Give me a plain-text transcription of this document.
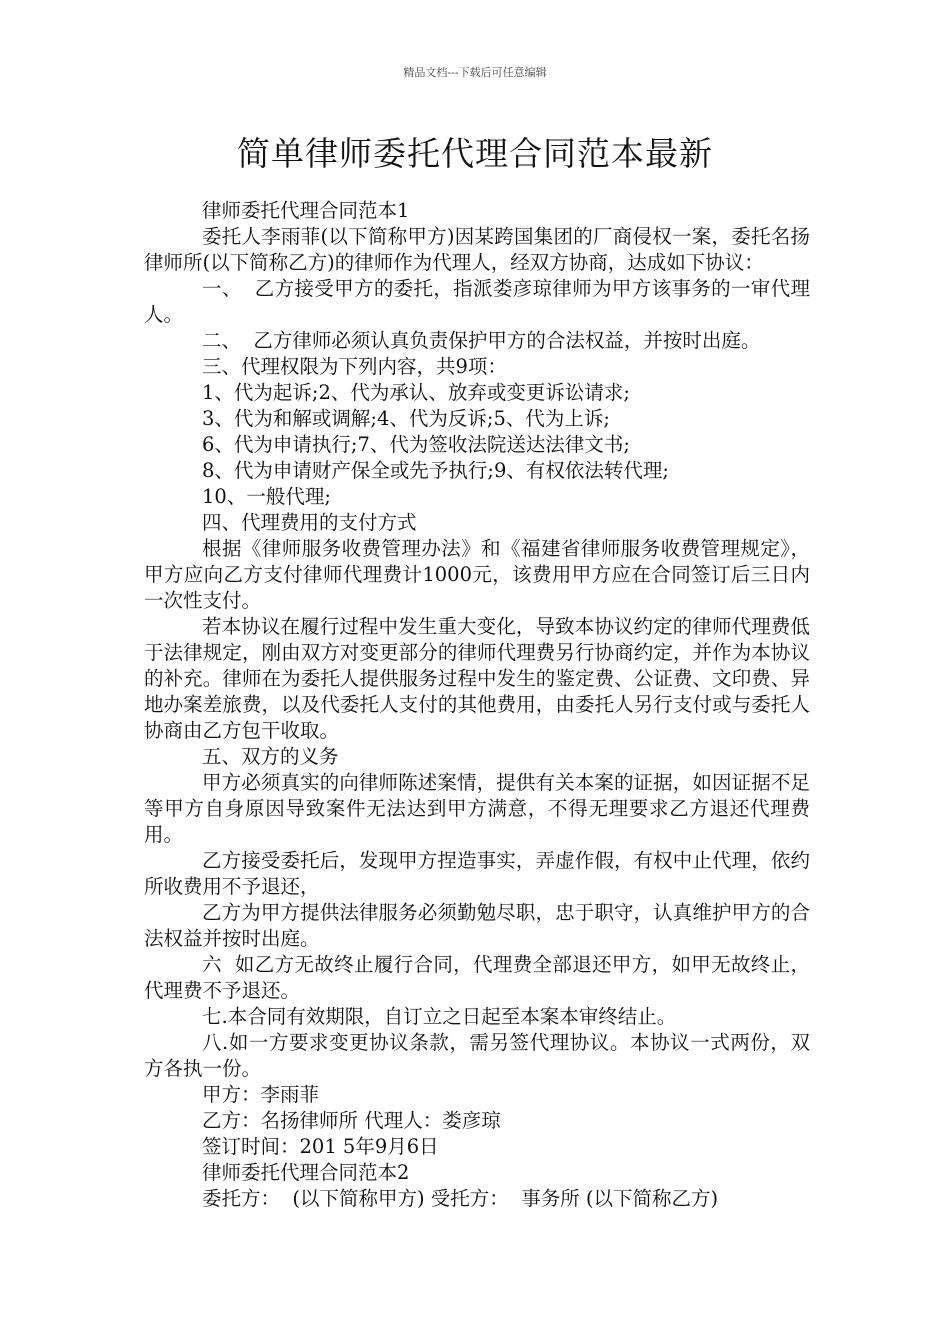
精品文档---下载后可任意编辑
简单律师委托代理合同范本最新

律师委托代理合同范本1

委托人李雨菲(以下简称甲方)因某跨国集团的厂商侵权一案，委托名扬律师所(以下简称乙方)的律师作为代理人，经双方协商，达成如下协议：

一、  乙方接受甲方的委托，指派娄彦琼律师为甲方该事务的一审代理人。

二、  乙方律师必须认真负责保护甲方的合法权益，并按时出庭。

三、代理权限为下列内容，共9项：

1、代为起诉;2、代为承认、放弃或变更诉讼请求;

3、代为和解或调解;4、代为反诉;5、代为上诉;

6、代为申请执行;7、代为签收法院送达法律文书;

8、代为申请财产保全或先予执行;9、有权依法转代理;

10、一般代理;

四、代理费用的支付方式

根据《律师服务收费管理办法》和《福建省律师服务收费管理规定》，甲方应向乙方支付律师代理费计1000元，该费用甲方应在合同签订后三日内一次性支付。

若本协议在履行过程中发生重大变化，导致本协议约定的律师代理费低于法律规定，刚由双方对变更部分的律师代理费另行协商约定，并作为本协议的补充。律师在为委托人提供服务过程中发生的鉴定费、公证费、文印费、异地办案差旅费，以及代委托人支付的其他费用，由委托人另行支付或与委托人协商由乙方包干收取。

五、双方的义务

甲方必须真实的向律师陈述案情，提供有关本案的证据，如因证据不足等甲方自身原因导致案件无法达到甲方满意，不得无理要求乙方退还代理费用。

乙方接受委托后，发现甲方捏造事实，弄虚作假，有权中止代理，依约所收费用不予退还，

乙方为甲方提供法律服务必须勤勉尽职，忠于职守，认真维护甲方的合法权益并按时出庭。

六  如乙方无故终止履行合同，代理费全部退还甲方，如甲无故终止，代理费不予退还。

七.本合同有效期限，自订立之日起至本案本审终结止。

八.如一方要求变更协议条款，需另签代理协议。本协议一式两份，双方各执一份。

甲方：李雨菲

乙方：名扬律师所 代理人：娄彦琼

签订时间：201 5年9月6日

律师委托代理合同范本2

委托方：  (以下简称甲方) 受托方：  事务所 (以下简称乙方)
